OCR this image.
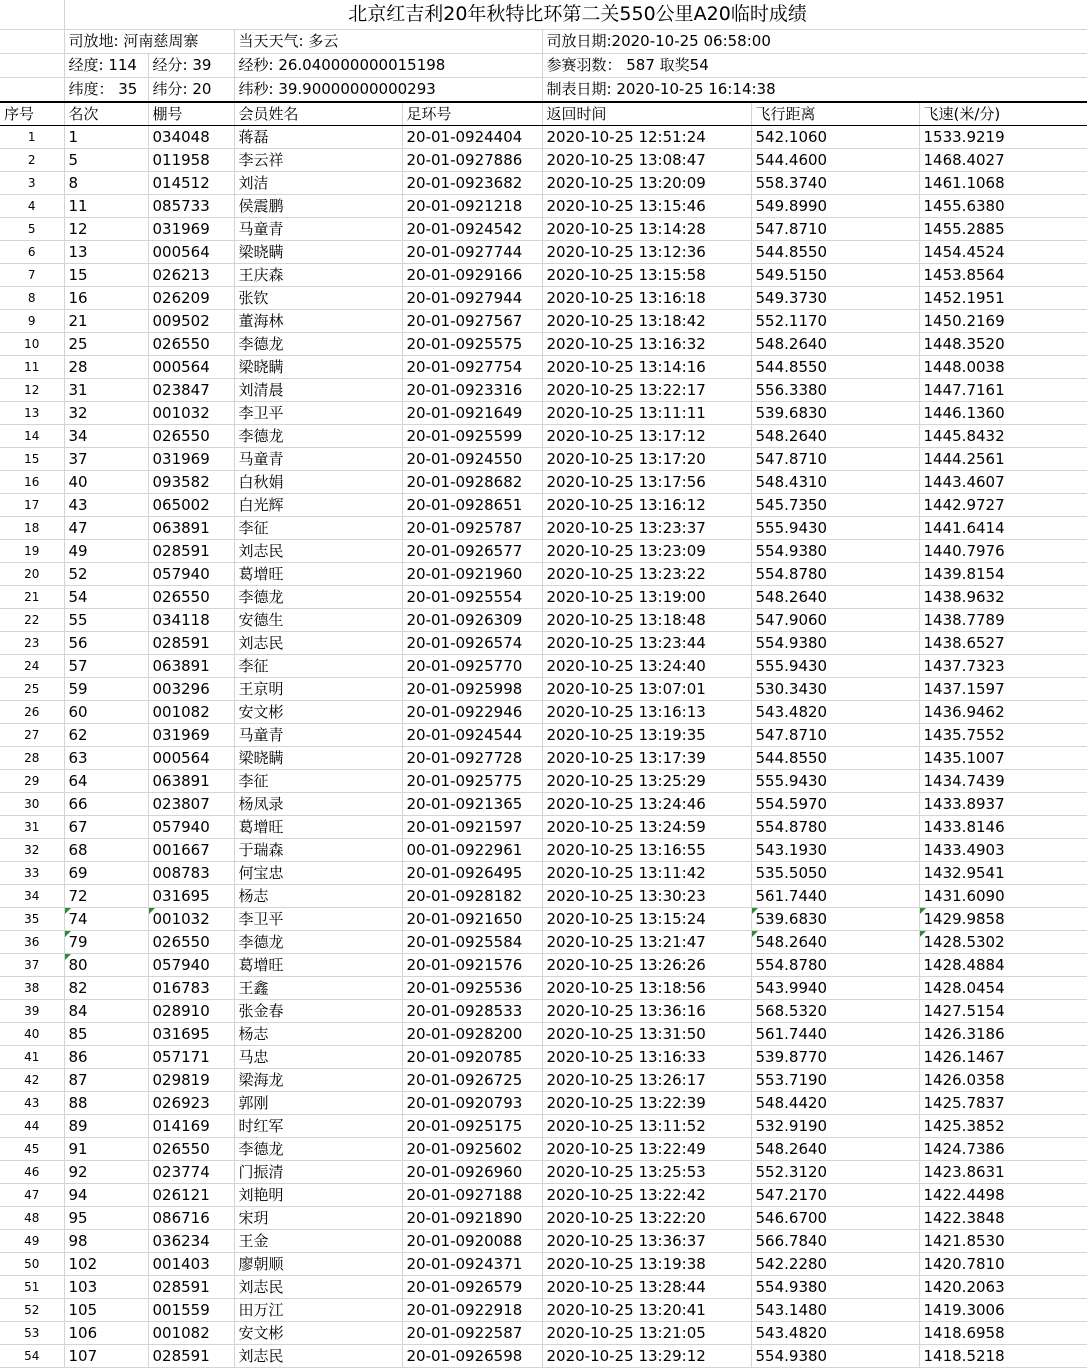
	北京红吉利20年秋特比环第二关550公里A20临时成绩						
	司放地: 河南慈周寨		当天天气: 多云		司放日期:2020-10-25 06:58:00		
	经度: 114	经分: 39	经秒: 26.040000000015198		参赛羽数： 587 取奖54		
	纬度： 35	纬分: 20	纬秒: 39.90000000000293		制表日期: 2020-10-25 16:14:38		
序号	名次	棚号	会员姓名	足环号	返回时间	飞行距离	飞速(米/分)
1	1	034048	蒋磊	20-01-0924404	2020-10-25 12:51:24	542.1060	1533.9219
2	5	011958	李云祥	20-01-0927886	2020-10-25 13:08:47	544.4600	1468.4027
3	8	014512	刘洁	20-01-0923682	2020-10-25 13:20:09	558.3740	1461.1068
4	11	085733	侯震鹏	20-01-0921218	2020-10-25 13:15:46	549.8990	1455.6380
5	12	031969	马童青	20-01-0924542	2020-10-25 13:14:28	547.8710	1455.2885
6	13	000564	梁晓瞒	20-01-0927744	2020-10-25 13:12:36	544.8550	1454.4524
7	15	026213	王庆森	20-01-0929166	2020-10-25 13:15:58	549.5150	1453.8564
8	16	026209	张钦	20-01-0927944	2020-10-25 13:16:18	549.3730	1452.1951
9	21	009502	董海林	20-01-0927567	2020-10-25 13:18:42	552.1170	1450.2169
10	25	026550	李德龙	20-01-0925575	2020-10-25 13:16:32	548.2640	1448.3520
11	28	000564	梁晓瞒	20-01-0927754	2020-10-25 13:14:16	544.8550	1448.0038
12	31	023847	刘清晨	20-01-0923316	2020-10-25 13:22:17	556.3380	1447.7161
13	32	001032	李卫平	20-01-0921649	2020-10-25 13:11:11	539.6830	1446.1360
14	34	026550	李德龙	20-01-0925599	2020-10-25 13:17:12	548.2640	1445.8432
15	37	031969	马童青	20-01-0924550	2020-10-25 13:17:20	547.8710	1444.2561
16	40	093582	白秋娟	20-01-0928682	2020-10-25 13:17:56	548.4310	1443.4607
17	43	065002	白光辉	20-01-0928651	2020-10-25 13:16:12	545.7350	1442.9727
18	47	063891	李征	20-01-0925787	2020-10-25 13:23:37	555.9430	1441.6414
19	49	028591	刘志民	20-01-0926577	2020-10-25 13:23:09	554.9380	1440.7976
20	52	057940	葛增旺	20-01-0921960	2020-10-25 13:23:22	554.8780	1439.8154
21	54	026550	李德龙	20-01-0925554	2020-10-25 13:19:00	548.2640	1438.9632
22	55	034118	安德生	20-01-0926309	2020-10-25 13:18:48	547.9060	1438.7789
23	56	028591	刘志民	20-01-0926574	2020-10-25 13:23:44	554.9380	1438.6527
24	57	063891	李征	20-01-0925770	2020-10-25 13:24:40	555.9430	1437.7323
25	59	003296	王京明	20-01-0925998	2020-10-25 13:07:01	530.3430	1437.1597
26	60	001082	安文彬	20-01-0922946	2020-10-25 13:16:13	543.4820	1436.9462
27	62	031969	马童青	20-01-0924544	2020-10-25 13:19:35	547.8710	1435.7552
28	63	000564	梁晓瞒	20-01-0927728	2020-10-25 13:17:39	544.8550	1435.1007
29	64	063891	李征	20-01-0925775	2020-10-25 13:25:29	555.9430	1434.7439
30	66	023807	杨凤录	20-01-0921365	2020-10-25 13:24:46	554.5970	1433.8937
31	67	057940	葛增旺	20-01-0921597	2020-10-25 13:24:59	554.8780	1433.8146
32	68	001667	于瑞森	00-01-0922961	2020-10-25 13:16:55	543.1930	1433.4903
33	69	008783	何宝忠	20-01-0926495	2020-10-25 13:11:42	535.5050	1432.9541
34	72	031695	杨志	20-01-0928182	2020-10-25 13:30:23	561.7440	1431.6090
35	74	001032	李卫平	20-01-0921650	2020-10-25 13:15:24	539.6830	1429.9858
36	79	026550	李德龙	20-01-0925584	2020-10-25 13:21:47	548.2640	1428.5302
37	80	057940	葛增旺	20-01-0921576	2020-10-25 13:26:26	554.8780	1428.4884
38	82	016783	王鑫	20-01-0925536	2020-10-25 13:18:56	543.9940	1428.0454
39	84	028910	张金春	20-01-0928533	2020-10-25 13:36:16	568.5320	1427.5154
40	85	031695	杨志	20-01-0928200	2020-10-25 13:31:50	561.7440	1426.3186
41	86	057171	马忠	20-01-0920785	2020-10-25 13:16:33	539.8770	1426.1467
42	87	029819	梁海龙	20-01-0926725	2020-10-25 13:26:17	553.7190	1426.0358
43	88	026923	郭刚	20-01-0920793	2020-10-25 13:22:39	548.4420	1425.7837
44	89	014169	时红军	20-01-0925175	2020-10-25 13:11:52	532.9190	1425.3852
45	91	026550	李德龙	20-01-0925602	2020-10-25 13:22:49	548.2640	1424.7386
46	92	023774	门振清	20-01-0926960	2020-10-25 13:25:53	552.3120	1423.8631
47	94	026121	刘艳明	20-01-0927188	2020-10-25 13:22:42	547.2170	1422.4498
48	95	086716	宋玥	20-01-0921890	2020-10-25 13:22:20	546.6700	1422.3848
49	98	036234	王金	20-01-0920088	2020-10-25 13:36:37	566.7840	1421.8530
50	102	001403	廖朝顺	20-01-0924371	2020-10-25 13:19:38	542.2280	1420.7810
51	103	028591	刘志民	20-01-0926579	2020-10-25 13:28:44	554.9380	1420.2063
52	105	001559	田万江	20-01-0922918	2020-10-25 13:20:41	543.1480	1419.3006
53	106	001082	安文彬	20-01-0922587	2020-10-25 13:21:05	543.4820	1418.6958
54	107	028591	刘志民	20-01-0926598	2020-10-25 13:29:12	554.9380	1418.5218
